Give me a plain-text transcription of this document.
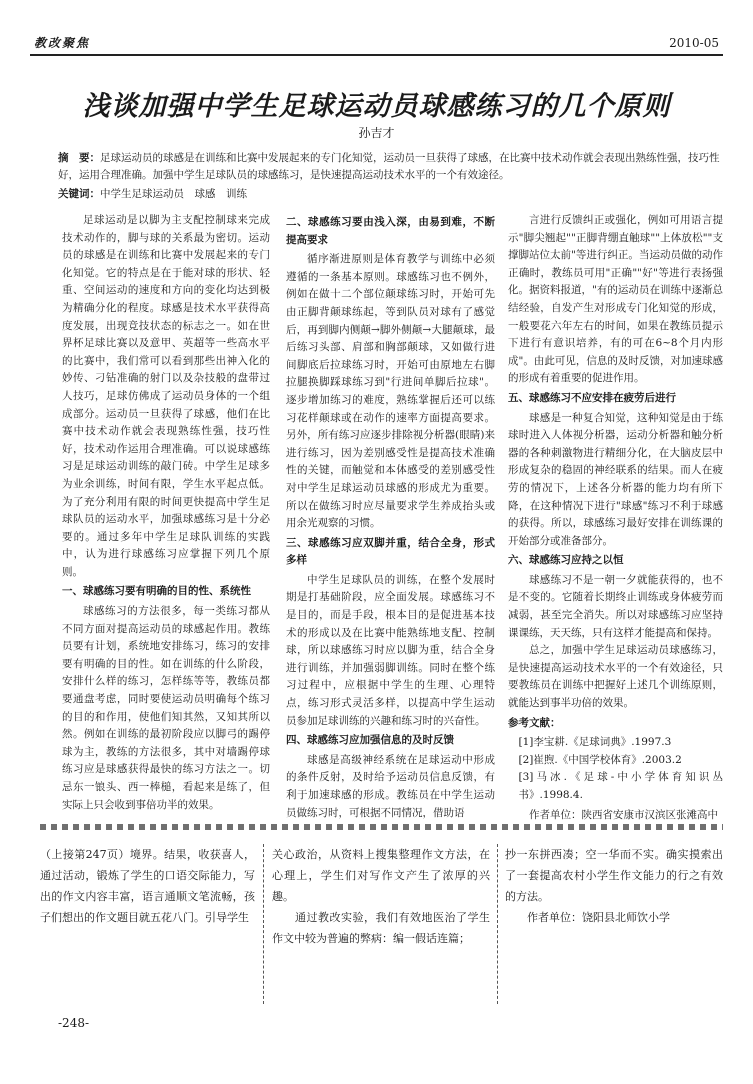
教改聚焦	2010-05
浅谈加强中学生足球运动员球感练习的几个原则
孙吉才
摘　要：足球运动员的球感是在训练和比赛中发展起来的专门化知觉，运动员一旦获得了球感，在比赛中技术动作就会表现出熟练性强，技巧性好，运用合理准确。加强中学生足球队员的球感练习，是快速提高运动技术水平的一个有效途径。
关键词：中学生足球运动员　球感　训练

足球运动是以脚为主支配控制球来完成技术动作的，脚与球的关系最为密切。运动员的球感是在训练和比赛中发展起来的专门化知觉。它的特点是在于能对球的形状、轻重、空间运动的速度和方向的变化均达到极为精确分化的程度。球感是技术水平获得高度发展，出现竞技状态的标志之一。如在世界杯足球比赛以及意甲、英超等一些高水平的比赛中，我们常可以看到那些出神入化的妙传、刁钻准确的射门以及杂技般的盘带过人技巧，足球仿佛成了运动员身体的一个组成部分。运动员一旦获得了球感，他们在比赛中技术动作就会表现熟练性强，技巧性好，技术动作运用合理准确。可以说球感练习是足球运动训练的敲门砖。中学生足球多为业余训练，时间有限，学生水平起点低。为了充分利用有限的时间更快提高中学生足球队员的运动水平，加强球感练习是十分必要的。通过多年中学生足球队训练的实践中，认为进行球感练习应掌握下列几个原则。

一、球感练习要有明确的目的性、系统性

球感练习的方法很多，每一类练习都从不同方面对提高运动员的球感起作用。教练员要有计划，系统地安排练习，练习的安排要有明确的目的性。如在训练的什么阶段，安排什么样的练习，怎样练等等，教练员都要通盘考虑，同时要使运动员明确每个练习的目的和作用，使他们知其然，又知其所以然。例如在训练的最初阶段应以脚弓的踢停球为主，教练的方法很多，其中对墙踢停球练习应是球感获得最快的练习方法之一。切忌东一锒头、西一棒槌，看起来是练了，但实际上只会收到事倍功半的效果。

二、球感练习要由浅入深，由易到难，不断提高要求

循序渐进原则是体育教学与训练中必须遵循的一条基本原则。球感练习也不例外，例如在做十二个部位颠球练习时，开始可先由正脚背颠球练起，等到队员对球有了感觉后，再到脚内侧颠→脚外侧颠→大腿颠球，最后练习头部、肩部和胸部颠球，又如做行进间脚底后拉球练习时，开始可由原地左右脚拉腿换脚踩球练习到"行进间单脚后拉球"。逐步增加练习的难度，熟练掌握后还可以练习花样颠球或在动作的速率方面提高要求。另外，所有练习应逐步排除视分析器(眼睛)来进行练习，因为差别感受性是提高技术准确性的关键，而触觉和本体感受的差别感受性对中学生足球运动员球感的形成尤为重要。所以在做练习时应尽量要求学生养成抬头或用余光观察的习惯。

三、球感练习应双脚并重，结合全身，形式多样

中学生足球队员的训练，在整个发展时期是打基础阶段，应全面发展。球感练习不是目的，而是手段，根本目的是促进基本技术的形成以及在比赛中能熟练地支配、控制球，所以球感练习时应以脚为重，结合全身进行训练，并加强弱脚训练。同时在整个练习过程中，应根据中学生的生理、心理特点，练习形式灵活多样，以提高中学生运动员参加足球训练的兴趣和练习时的兴奋性。

四、球感练习应加强信息的及时反馈

球感是高级神经系统在足球运动中形成的条件反射，及时给予运动员信息反馈，有利于加速球感的形成。教练员在中学生运动员做练习时，可根据不同情况，借助语

言进行反馈纠正或强化，例如可用语言提示"脚尖翘起""正脚背绷直触球""上体放松""支撑脚站位太前"等进行纠正。当运动员做的动作正确时，教练员可用"正确""好"等进行表扬强化。据资料报道，"有的运动员在训练中逐渐总结经验，自发产生对形成专门化知觉的形成，一般要花六年左右的时间，如果在教练员提示下进行有意识培养，有的可在6~8个月内形成"。由此可见，信息的及时反馈，对加速球感的形成有着重要的促进作用。

五、球感练习不应安排在疲劳后进行

球感是一种复合知觉，这种知觉是由于练球时进入人体视分析器，运动分析器和触分析器的各种刺激物进行精细分化，在大脑皮层中形成复杂的稳固的神经联系的结果。而人在疲劳的情况下，上述各分析器的能力均有所下降，在这种情况下进行"球感"练习不利于球感的获得。所以，球感练习最好安排在训练课的开始部分或准备部分。

六、球感练习应持之以恒

球感练习不是一朝一夕就能获得的，也不是不变的。它随着长期终止训练或身体疲劳而减弱，甚至完全消失。所以对球感练习应坚持课课练，天天练，只有这样才能提高和保持。

总之，加强中学生足球运动员球感练习，是快速提高运动技术水平的一个有效途径，只要教练员在训练中把握好上述几个训练原则，就能达到事半功倍的效果。

参考文献：

[1]李宝耕.《足球词典》.1997.3

[2]崔煦.《中国学校体育》.2003.2

[3]马冰.《足球-中小学体育知识丛书》.1998.4.

作者单位：陕西省安康市汉滨区张滩高中

（上接第247页）境界。结果，收获喜人，通过活动，锻炼了学生的口语交际能力，写出的作文内容丰富，语言通顺文笔流畅，孩子们想出的作文题目就五花八门。引导学生

关心政治，从资料上搜集整理作文方法，在心理上，学生们对写作文产生了浓厚的兴趣。
　　通过教改实验，我们有效地医治了学生作文中较为普遍的弊病：编一假话连篇；

抄一东拼西凑；空一华而不实。确实摸索出了一套提高农村小学生作文能力的行之有效的方法。
　　作者单位：饶阳县北师饮小学

-248-
